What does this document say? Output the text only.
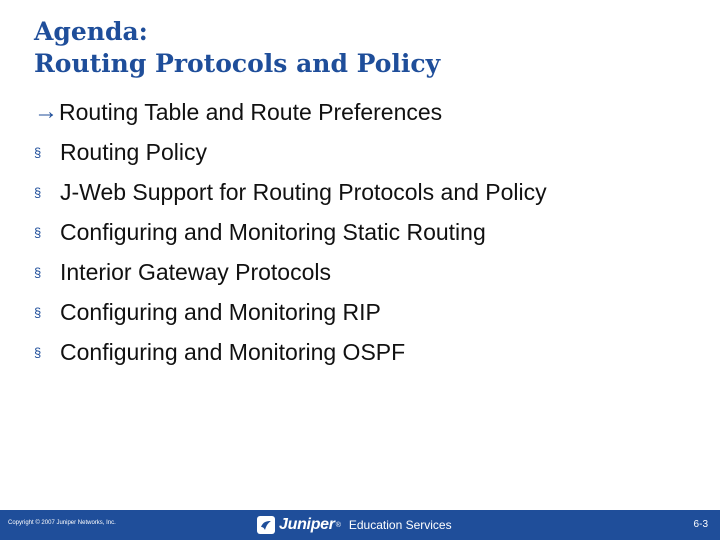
Agenda:
Routing Protocols and Policy
→ Routing Table and Route Preferences
§ Routing Policy
§ J-Web Support for Routing Protocols and Policy
§ Configuring and Monitoring Static Routing
§ Interior Gateway Protocols
§ Configuring and Monitoring RIP
§ Configuring and Monitoring OSPF
Copyright © 2007 Juniper Networks, Inc.	Juniper ® Education Services	6-3
